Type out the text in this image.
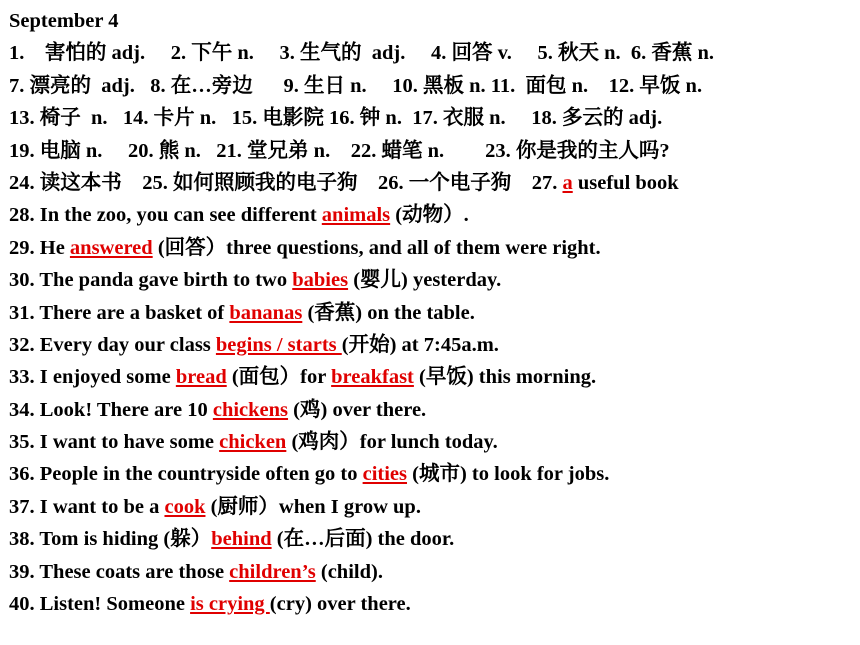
September 4
1.    害怕的 adj.     2. 下午 n.     3. 生气的  adj.     4. 回答 v.     5. 秋天 n.  6. 香蕉 n.
7. 漂亮的  adj.   8. 在…旁边      9. 生日 n.     10. 黑板 n. 11.  面包 n.    12. 早饭 n.
13. 椅子  n.   14. 卡片 n.   15. 电影院 16. 钟 n.  17. 衣服 n.     18. 多云的 adj.
19. 电脑 n.     20. 熊 n.   21. 堂兄弟 n.    22. 蜡笔 n.        23. 你是我的主人吗?
24. 读这本书    25. 如何照顾我的电子狗    26. 一个电子狗    27. a useful book
28. In the zoo, you can see different animals (动物）.
29. He answered (回答）three questions, and all of them were right.
30. The panda gave birth to two babies (婴儿) yesterday.
31. There are a basket of bananas (香蕉) on the table.
32. Every day our class begins / starts (开始) at 7:45a.m.
33. I enjoyed some bread (面包）for breakfast (早饭) this morning.
34. Look! There are 10 chickens (鸡) over there.
35. I want to have some chicken (鸡肉）for lunch today.
36. People in the countryside often go to cities (城市) to look for jobs.
37. I want to be a cook (厨师）when I grow up.
38. Tom is hiding (躲）behind (在…后面) the door.
39. These coats are those children’s (child).
40. Listen! Someone is crying (cry) over there.
